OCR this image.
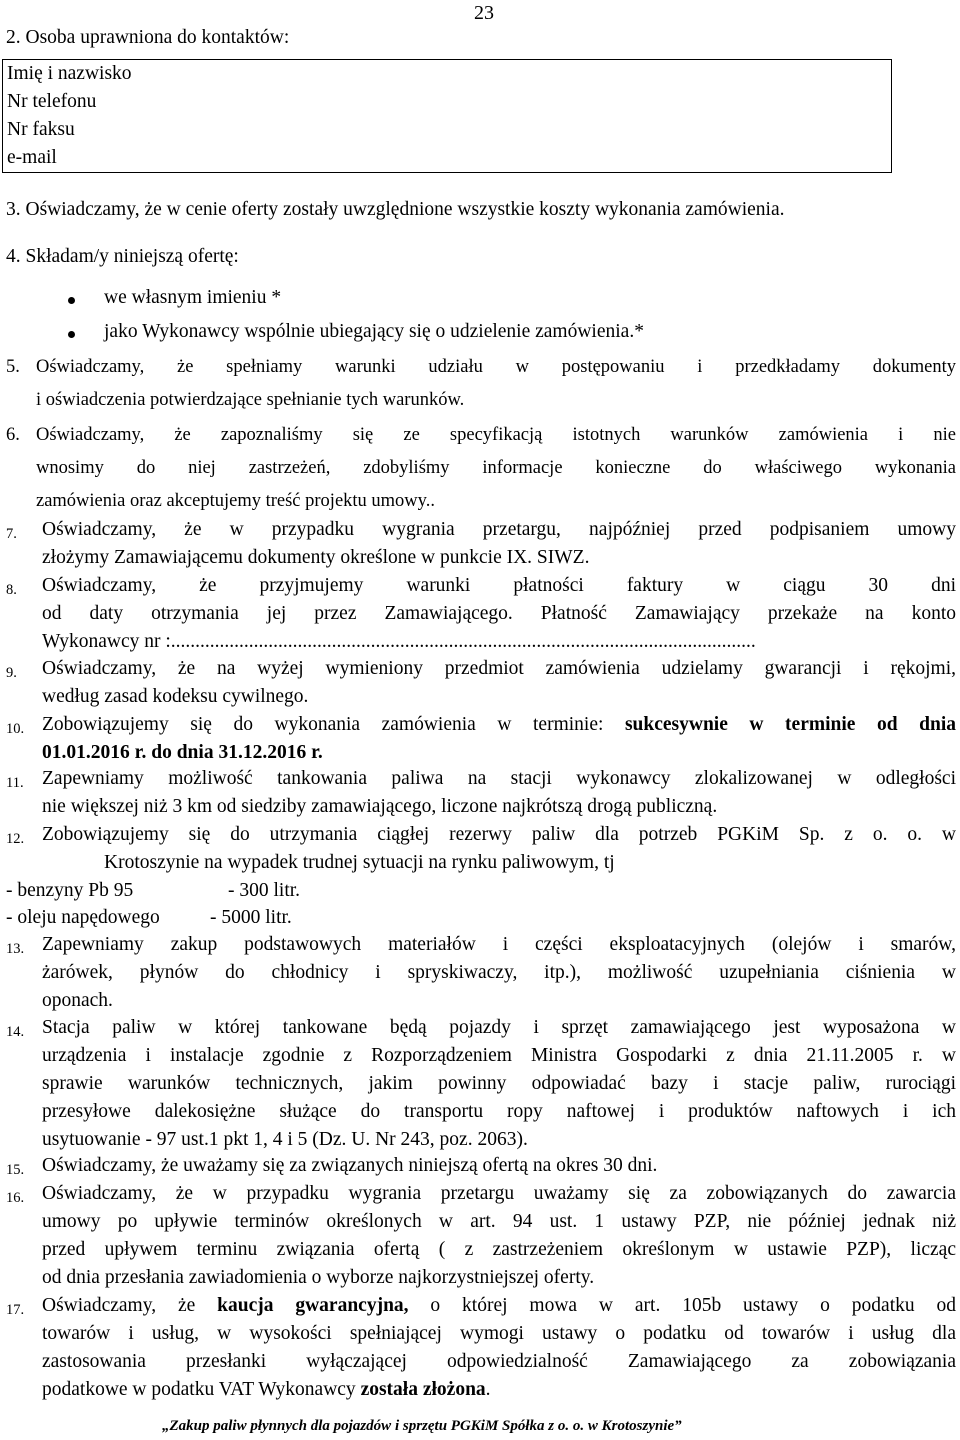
23
2. Osoba uprawniona do kontaktów:
Imię i nazwisko
Nr telefonu
Nr faksu
e-mail
3. Oświadczamy, że w cenie oferty zostały uwzględnione wszystkie koszty wykonania zamówienia.
4. Składam/y niniejszą ofertę:
we własnym imieniu *
jako Wykonawcy wspólnie ubiegający się o udzielenie zamówienia.*
5. Oświadczamy, że spełniamy warunki udziału w postępowaniu i przedkładamy dokumenty
i oświadczenia potwierdzające spełnianie tych warunków.
6. Oświadczamy, że zapoznaliśmy się ze specyfikacją istotnych warunków zamówienia i nie
wnosimy do niej zastrzeżeń, zdobyliśmy informacje konieczne do właściwego wykonania
zamówienia oraz akceptujemy treść projektu umowy..
7. Oświadczamy, że w przypadku wygrania przetargu, najpóźniej przed podpisaniem umowy
złożymy Zamawiającemu dokumenty określone w punkcie IX. SIWZ.
8. Oświadczamy, że przyjmujemy warunki płatności faktury w ciągu 30 dni
od daty otrzymania jej przez Zamawiającego. Płatność Zamawiający przekaże na konto
Wykonawcy nr :........................................................................................................................
9. Oświadczamy, że na wyżej wymieniony przedmiot zamówienia udzielamy gwarancji i rękojmi,
według zasad kodeksu cywilnego.
10. Zobowiązujemy się do wykonania zamówienia w terminie: sukcesywnie w terminie od dnia
01.01.2016 r. do dnia 31.12.2016 r.
11. Zapewniamy możliwość tankowania paliwa na stacji wykonawcy zlokalizowanej w odległości
nie większej niż 3 km od siedziby zamawiającego, liczone najkrótszą drogą publiczną.
12. Zobowiązujemy się do utrzymania ciągłej rezerwy paliw dla potrzeb PGKiM Sp. z o. o. w
Krotoszynie na wypadek trudnej sytuacji na rynku paliwowym, tj
- benzyny Pb 95	- 300 litr.
- oleju napędowego	- 5000 litr.
13. Zapewniamy zakup podstawowych materiałów i części eksploatacyjnych (olejów i smarów,
żarówek, płynów do chłodnicy i spryskiwaczy, itp.), możliwość uzupełniania ciśnienia w
oponach.
14. Stacja paliw w której tankowane będą pojazdy i sprzęt zamawiającego jest wyposażona w
urządzenia i instalacje zgodnie z Rozporządzeniem Ministra Gospodarki z dnia 21.11.2005 r. w
sprawie warunków technicznych, jakim powinny odpowiadać bazy i stacje paliw, rurociągi
przesyłowe dalekosiężne służące do transportu ropy naftowej i produktów naftowych i ich
usytuowanie - 97 ust.1 pkt 1, 4 i 5 (Dz. U. Nr 243, poz. 2063).
15. Oświadczamy, że uważamy się za związanych niniejszą ofertą na okres 30 dni.
16. Oświadczamy, że w przypadku wygrania przetargu uważamy się za zobowiązanych do zawarcia
umowy po upływie terminów określonych w art. 94 ust. 1 ustawy PZP, nie później jednak niż
przed upływem terminu związania ofertą ( z zastrzeżeniem określonym w ustawie PZP), licząc
od dnia przesłania zawiadomienia o wyborze najkorzystniejszej oferty.
17. Oświadczamy, że kaucja gwarancyjna, o której mowa w art. 105b ustawy o podatku od
towarów i usług, w wysokości spełniającej wymogi ustawy o podatku od towarów i usług dla
zastosowania przesłanki wyłączającej odpowiedzialność Zamawiającego za zobowiązania
podatkowe w podatku VAT Wykonawcy została złożona.
„Zakup paliw płynnych dla pojazdów i sprzętu PGKiM Spółka z o. o. w Krotoszynie”
